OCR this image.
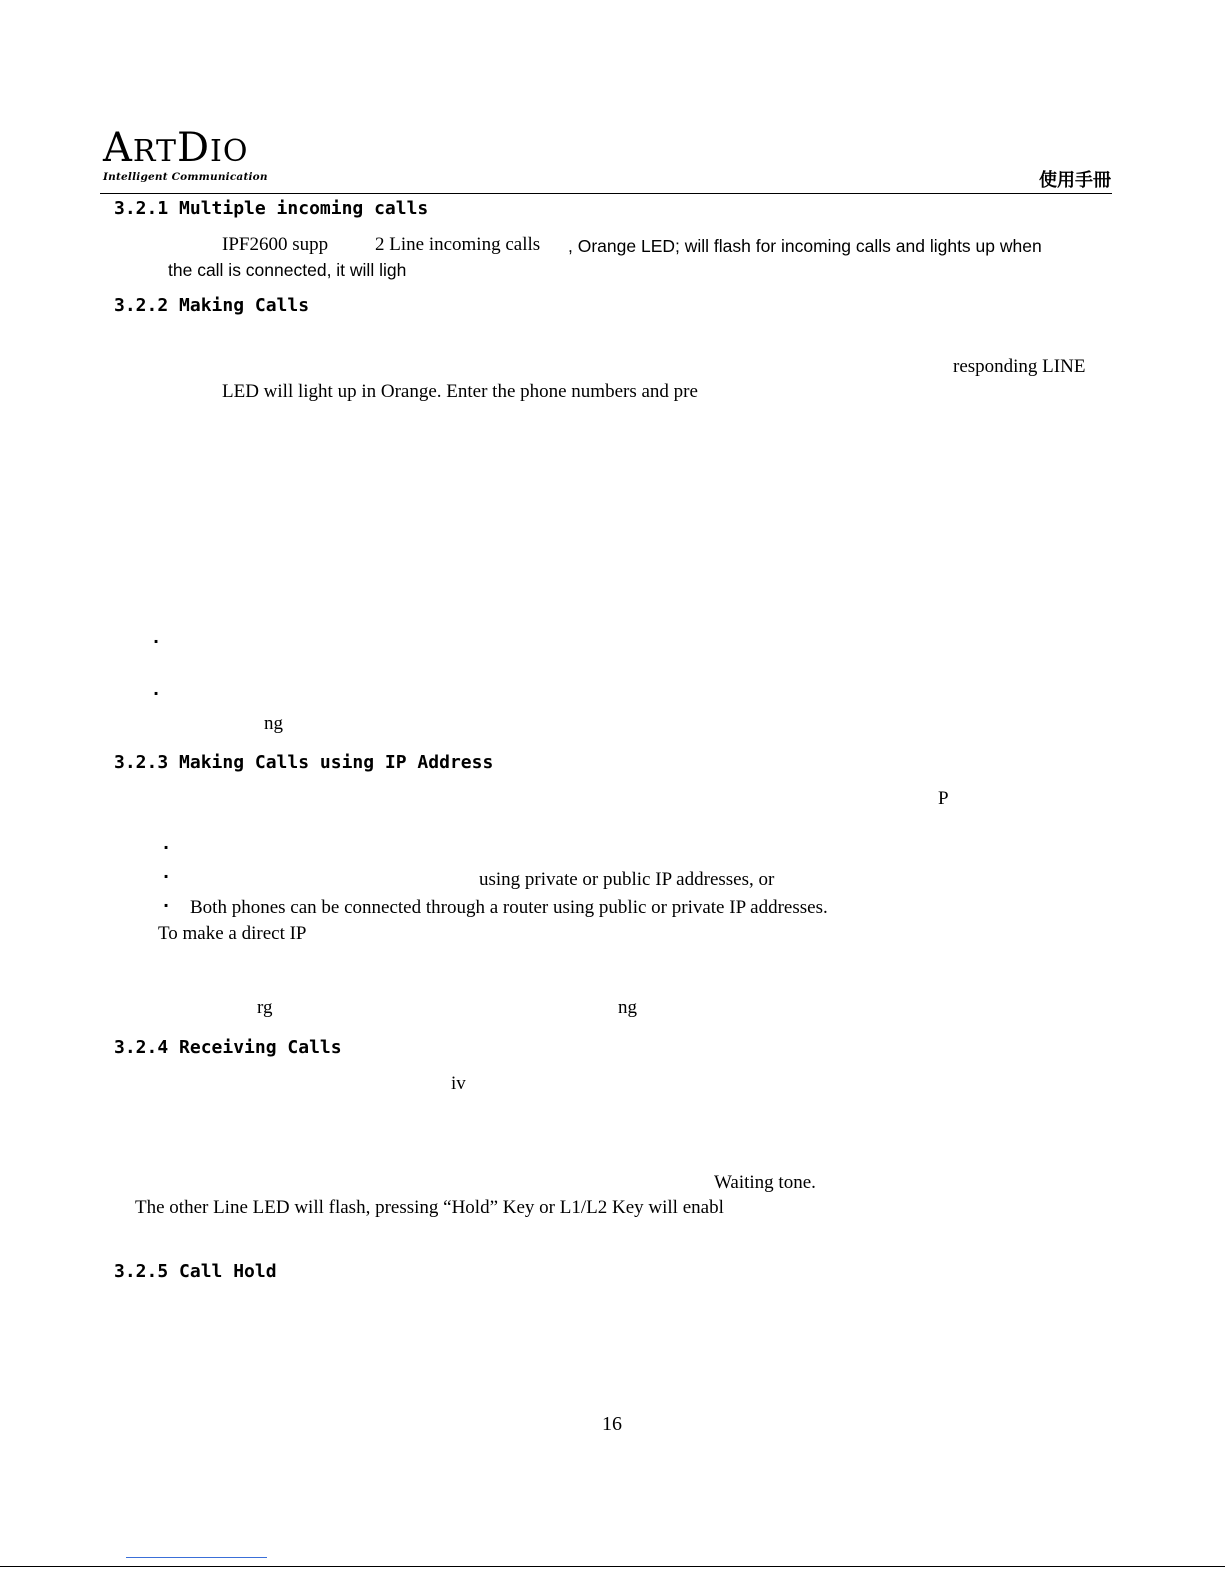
ARTDIO
Intelligent Communication	使用手冊
3.2.1 Multiple incoming calls
IPF2600 supp 2 Line incoming calls , Orange LED; will flash for incoming calls and lights up when
the call is connected, it will ligh
3.2.2 Making Calls
responding LINE
LED will light up in Orange. Enter the phone numbers and pre
·
·
ng
3.2.3 Making Calls using IP Address
P
·
·	using private or public IP addresses, or
· Both phones can be connected through a router using public or private IP addresses.
To make a direct IP
rg	ng
3.2.4 Receiving Calls
iv
Waiting tone.
The other Line LED will flash, pressing “Hold” Key or L1/L2 Key will enabl
3.2.5 Call Hold
16
